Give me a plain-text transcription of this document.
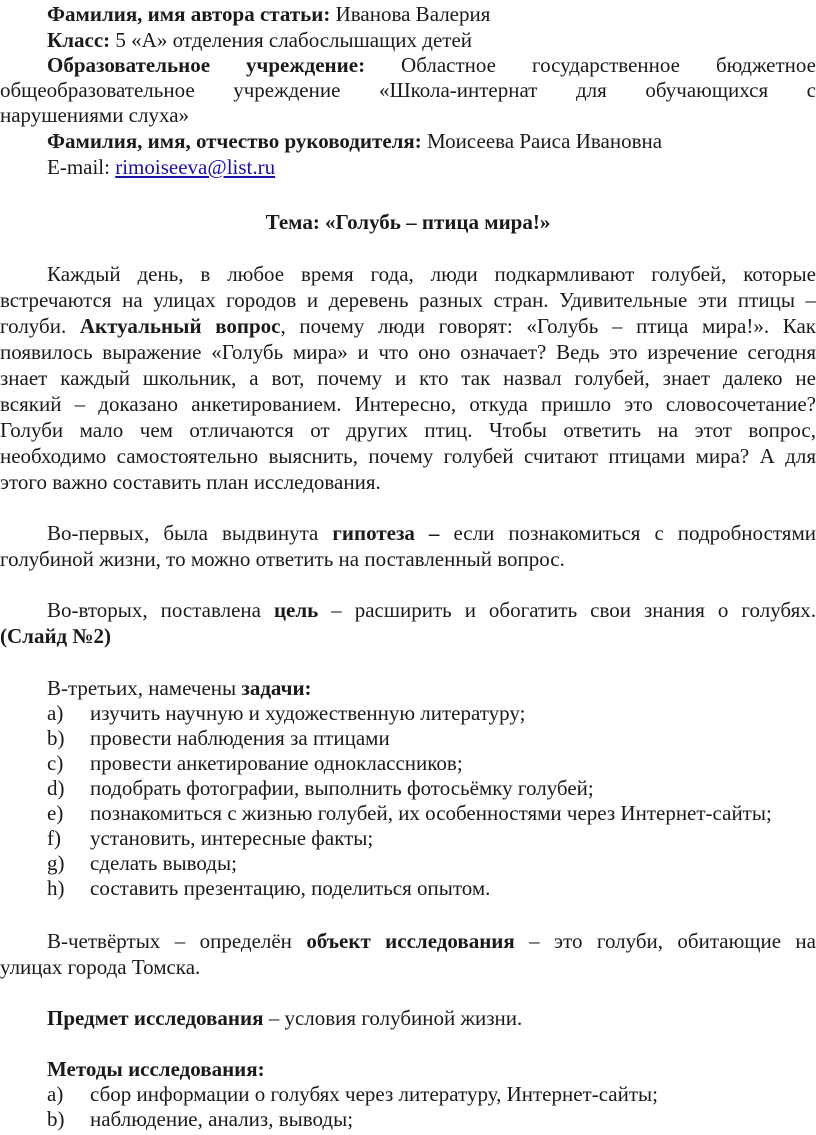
Фамилия, имя автора статьи: Иванова Валерия
Класс: 5 «А» отделения слабослышащих детей
Образовательное учреждение: Областное государственное бюджетное
общеобразовательное учреждение «Школа-интернат для обучающихся с
нарушениями слуха»
Фамилия, имя, отчество руководителя: Моисеева Раиса Ивановна
E-mail: rimoiseeva@list.ru
Тема: «Голубь – птица мира!»
Каждый день, в любое время года, люди подкармливают голубей, которые
встречаются на улицах городов и деревень разных стран. Удивительные эти птицы –
голуби. Актуальный вопрос, почему люди говорят: «Голубь – птица мира!». Как
появилось выражение «Голубь мира» и что оно означает? Ведь это изречение сегодня
знает каждый школьник, а вот, почему и кто так назвал голубей, знает далеко не
всякий – доказано анкетированием. Интересно, откуда пришло это словосочетание?
Голуби мало чем отличаются от других птиц. Чтобы ответить на этот вопрос,
необходимо самостоятельно выяснить, почему голубей считают птицами мира? А для
этого важно составить план исследования.
Во-первых, была выдвинута гипотеза – если познакомиться с подробностями
голубиной жизни, то можно ответить на поставленный вопрос.
Во-вторых, поставлена цель – расширить и обогатить свои знания о голубях.
(Слайд №2)
В-третьих, намечены задачи:
a) изучить научную и художественную литературу;
b) провести наблюдения за птицами
c) провести анкетирование одноклассников;
d) подобрать фотографии, выполнить фотосьёмку голубей;
e) познакомиться с жизнью голубей, их особенностями через Интернет-сайты;
f) установить, интересные факты;
g) сделать выводы;
h) составить презентацию, поделиться опытом.
В-четвёртых – определён объект исследования – это голуби, обитающие на
улицах города Томска.
Предмет исследования – условия голубиной жизни.
Методы исследования:
a) сбор информации о голубях через литературу, Интернет-сайты;
b) наблюдение, анализ, выводы;
